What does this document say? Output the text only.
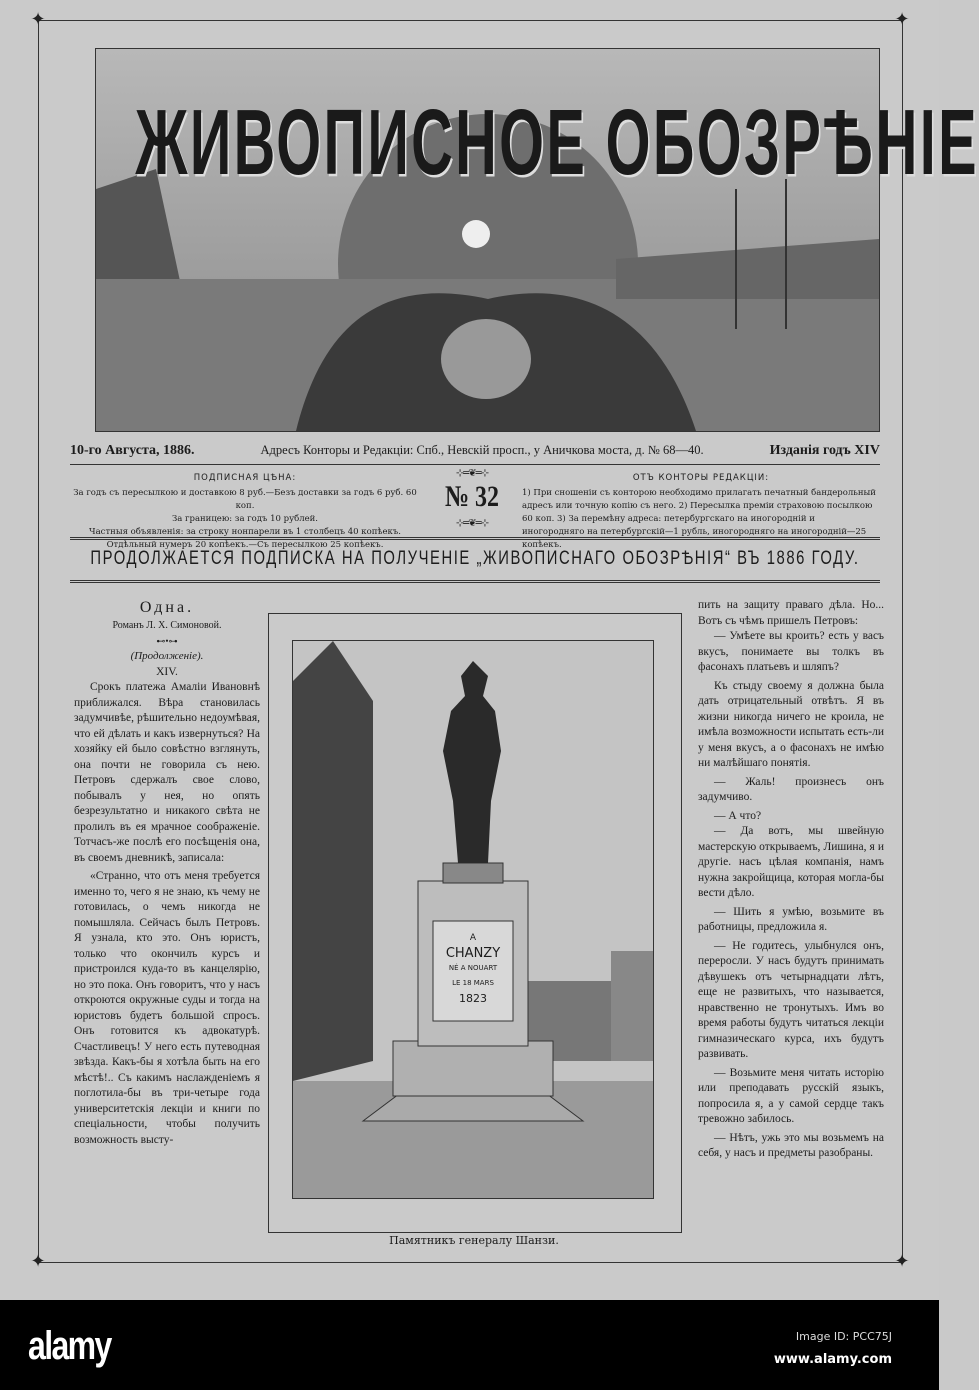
✦	✦
✦	✦
ЖИВОПИСНОЕ ОБОЗРѢНІЕ
10-го Августа, 1886.	Адресъ Конторы и Редакціи: Спб., Невскій просп., у Аничкова моста, д. № 68—40.	Изданія годъ XIV
ПОДПИСНАЯ ЦѢНА:
За годъ съ пересылкою и доставкою 8 руб.—Безъ доставки за годъ 6 руб. 60 коп.
За границею: за годъ 10 рублей.
Частныя объявленія: за строку нонпарели въ 1 столбецъ 40 копѣекъ.
Отдѣльный нумеръ 20 копѣекъ.—Съ пересылкою 25 копѣекъ.
⊹═❦═⊹
№ 32
⊹═❦═⊹
ОТЪ КОНТОРЫ РЕДАКЦІИ:
1) При сношеніи съ конторою необходимо прилагать печатный бандерольный адресъ или точную копію съ него. 2) Пересылка преміи страховою посылкою 60 коп. 3) За перемѣну адреса: петербургскаго на иногородній и иногородняго на петербургскій—1 рубль, иногородняго на иногородній—25 копѣекъ.
ПРОДОЛЖАЕТСЯ ПОДПИСКА НА ПОЛУЧЕНІЕ „ЖИВОПИСНАГО ОБОЗРѢНІЯ“ ВЪ 1886 ГОДУ.
Одна.
Романъ Л. Х. Симоновой.
⊷•⊶
(Продолженіе).
XIV.

Срокъ платежа Амаліи Ивановнѣ приближался. Вѣра становилась задумчивѣе, рѣшительно недоумѣвая, что ей дѣлать и какъ извернуться? На хозяйку ей было совѣстно взглянуть, она почти не говорила съ нею. Петровъ сдержалъ свое слово, побывалъ у нея, но опять безрезультатно и никакого свѣта не пролилъ въ ея мрачное соображеніе. Тотчасъ-же послѣ его посѣщенія она, въ своемъ дневникѣ, записала:

«Странно, что отъ меня требуется именно то, чего я не знаю, къ чему не готовилась, о чемъ никогда не помышляла. Сейчасъ былъ Петровъ. Я узнала, кто это. Онъ юристъ, только что окончилъ курсъ и пристроился куда-то въ канцелярію, но это пока. Онъ говоритъ, что у насъ откроются окружные суды и тогда на юристовъ будетъ большой спросъ. Онъ готовится къ адвокатурѣ. Счастливецъ! У него есть путеводная звѣзда. Какъ-бы я хотѣла быть на его мѣстѣ!.. Съ какимъ наслажденіемъ я поглотила-бы въ три-четыре года университетскія лекціи и книги по спеціальности, чтобы получить возможность высту-

A
CHANZY
NÉ A NOUART
LE 18 MARS
1823
Памятникъ генералу Шанзи.

пить на защиту праваго дѣла. Но... Вотъ съ чѣмъ пришелъ Петровъ:

— Умѣете вы кроить? есть у васъ вкусъ, понимаете вы толкъ въ фасонахъ платьевъ и шляпъ?

Къ стыду своему я должна была дать отрицательный отвѣтъ. Я въ жизни никогда ничего не кроила, не имѣла возможности испытать есть-ли у меня вкусъ, а о фасонахъ не имѣю ни малѣйшаго понятія.

— Жаль! произнесъ онъ задумчиво.

— А что?

— Да вотъ, мы швейную мастерскую открываемъ, Лишина, я и другіе. насъ цѣлая компанія, намъ нужна закройщица, которая могла-бы вести дѣло.

— Шить я умѣю, возьмите въ работницы, предложила я.

— Не годитесь, улыбнулся онъ, переросли. У насъ будутъ принимать дѣвушекъ отъ четырнадцати лѣтъ, еще не развитыхъ, что называется, нравственно не тронутыхъ. Имъ во время работы будутъ читаться лекціи гимназическаго курса, ихъ будутъ развивать.

— Возьмите меня читать исторію или преподавать русскій языкъ, попросила я, а у самой сердце такъ тревожно забилось.

— Нѣтъ, ужь это мы возьмемъ на себя, у насъ и предметы разобраны.

alamy	Image ID: PCC75J
www.alamy.com
